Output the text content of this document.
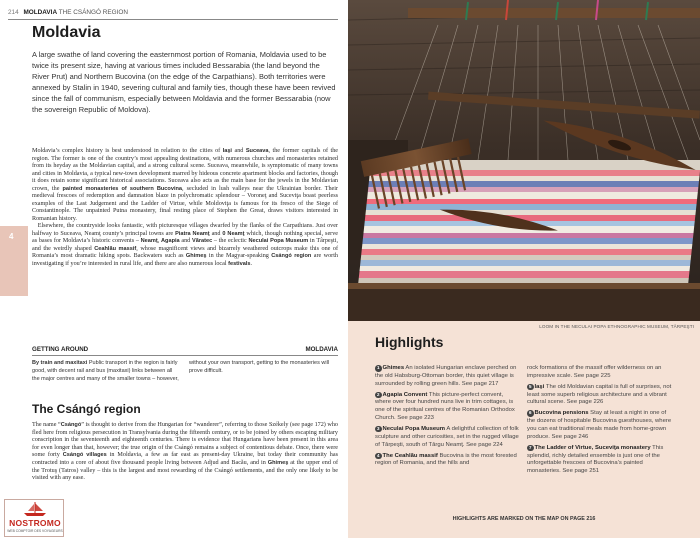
214 MOLDAVIA THE CSÁNGÓ REGION
Moldavia

A large swathe of land covering the easternmost portion of Romania, Moldavia used to be twice its present size, having at various times included Bessarabia (the land beyond the River Prut) and Northern Bucovina (on the edge of the Carpathians). Both territories were annexed by Stalin in 1940, severing cultural and family ties, though these have been revived since the fall of communism, especially between Moldavia and the former Bessarabia (now the sovereign Republic of Moldova).

Moldavia’s complex history is best understood in relation to the cities of Iaşi and Suceava, the former capitals of the region. The former is one of the country’s most appealing destinations, with numerous churches and monasteries retained from its heyday as the Moldavian capital, and a strong cultural scene. Suceava, meanwhile, is symptomatic of many towns and cities in Moldavia, a typical new-town development marred by hideous concrete apartment blocks and factories, though it does retain some significant historical associations. Suceava also acts as the main base for the jewels in the Moldavian crown, the painted monasteries of southern Bucovina, secluded in lush valleys near the Ukrainian border. Their medieval frescoes of redemption and damnation blaze in polychromatic splendour – Voroneţ and Suceviţa boast peerless examples of the Last Judgement and the Ladder of Virtue, while Moldoviţa is famous for its fresco of the Siege of Constantinople. The unpainted Putna monastery, final resting place of Stephen the Great, draws visitors interested in Romanian history.
Elsewhere, the countryside looks fantastic, with picturesque villages dwarfed by the flanks of the Carpathians. Just over halfway to Suceava, Neamţ county’s principal towns are Piatra Neamţ and 0 Neamţ which, though nothing special, serve as bases for Moldavia’s historic convents – Neamţ, Agapia and Văratec – the eclectic Neculai Popa Museum in Târpeşti, and the weirdly shaped Ceahlău massif, whose magnificent views and bizarrely weathered outcrops make this one of Romania’s most dramatic hiking spots. Backwaters such as Ghimeş in the Magyar-speaking Csángó region are worth investigating if you’re interested in rural life, and there are also numerous local festivals.
4
GETTING AROUND	MOLDAVIA
By train and maxitaxi Public transport in the region is fairly good, with decent rail and bus (maxitaxi) links between all the major centres and many of the smaller towns – however, without your own transport, getting to the monasteries will prove difficult.
The Csángó region
The name “Csángó” is thought to derive from the Hungarian for “wanderer”, referring to those Székely (see page 172) who fled here from religious persecution in Transylvania during the fifteenth century, or to be joined by others escaping military conscription in the seventeenth and eighteenth centuries. There is evidence that Hungarians have been present in this area for even longer than that, however; the true origin of the Csángó remains a subject of contentious debate. Once, there were some forty Csángó villages in Moldavia, a few as far east as present-day Ukraine, but today their community has contracted into a core of about five thousand people living between Adjud and Bacău, and in Ghimeş at the upper end of the Trotuş (Tatros) valley – this is the largest and most rewarding of the Csángó settlements, and the only one likely to be visited with any ease.
NOSTROMO
WEB COMPTOIR DES VOYAGEURS
LOOM IN THE NECULAI POPA ETHNOGRAPHIC MUSEUM, TÂRPEŞTI
Highlights
1 Ghimes An isolated Hungarian enclave perched on the old Habsburg-Ottoman border, this quiet village is surrounded by rolling green hills. See page 217
2 Agapia Convent This picture-perfect convent, where over four hundred nuns live in trim cottages, is one of the spiritual centres of the Romanian Orthodox Church. See page 223
3 Neculai Popa Museum A delightful collection of folk sculpture and other curiosities, set in the rugged village of Târpeşti, south of Târgu Neamţ. See page 224
4 The Ceahlău massif Bucovina is the most forested region of Romania, and the hills and
rock formations of the massif offer wilderness on an impressive scale. See page 225
5 Iaşi The old Moldavian capital is full of surprises, not least some superb religious architecture and a vibrant cultural scene. See page 226
6 Bucovina pensions Stay at least a night in one of the dozens of hospitable Bucovina guesthouses, where you can eat traditional meals made from home-grown produce. See page 246
7 The Ladder of Virtue, Suceviţa monastery This splendid, richly detailed ensemble is just one of the unforgettable frescoes of Bucovina’s painted monasteries. See page 251
HIGHLIGHTS ARE MARKED ON THE MAP ON PAGE 216
